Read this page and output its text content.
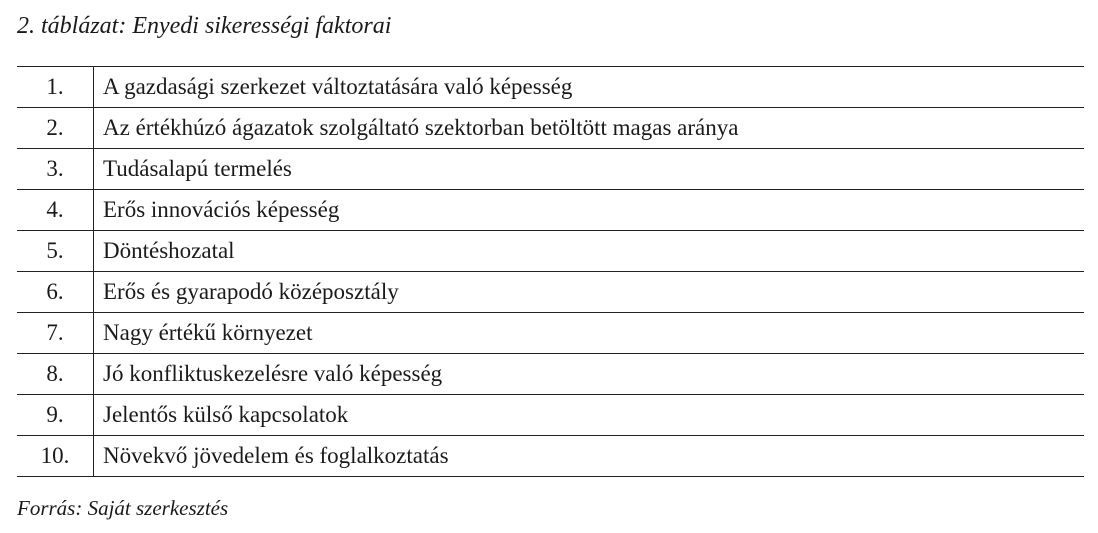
2. táblázat: Enyedi sikerességi faktorai
1.	A gazdasági szerkezet változtatására való képesség
2.	Az értékhúzó ágazatok szolgáltató szektorban betöltött magas aránya
3.	Tudásalapú termelés
4.	Erős innovációs képesség
5.	Döntéshozatal
6.	Erős és gyarapodó középosztály
7.	Nagy értékű környezet
8.	Jó konfliktuskezelésre való képesség
9.	Jelentős külső kapcsolatok
10.	Növekvő jövedelem és foglalkoztatás
Forrás: Saját szerkesztés
